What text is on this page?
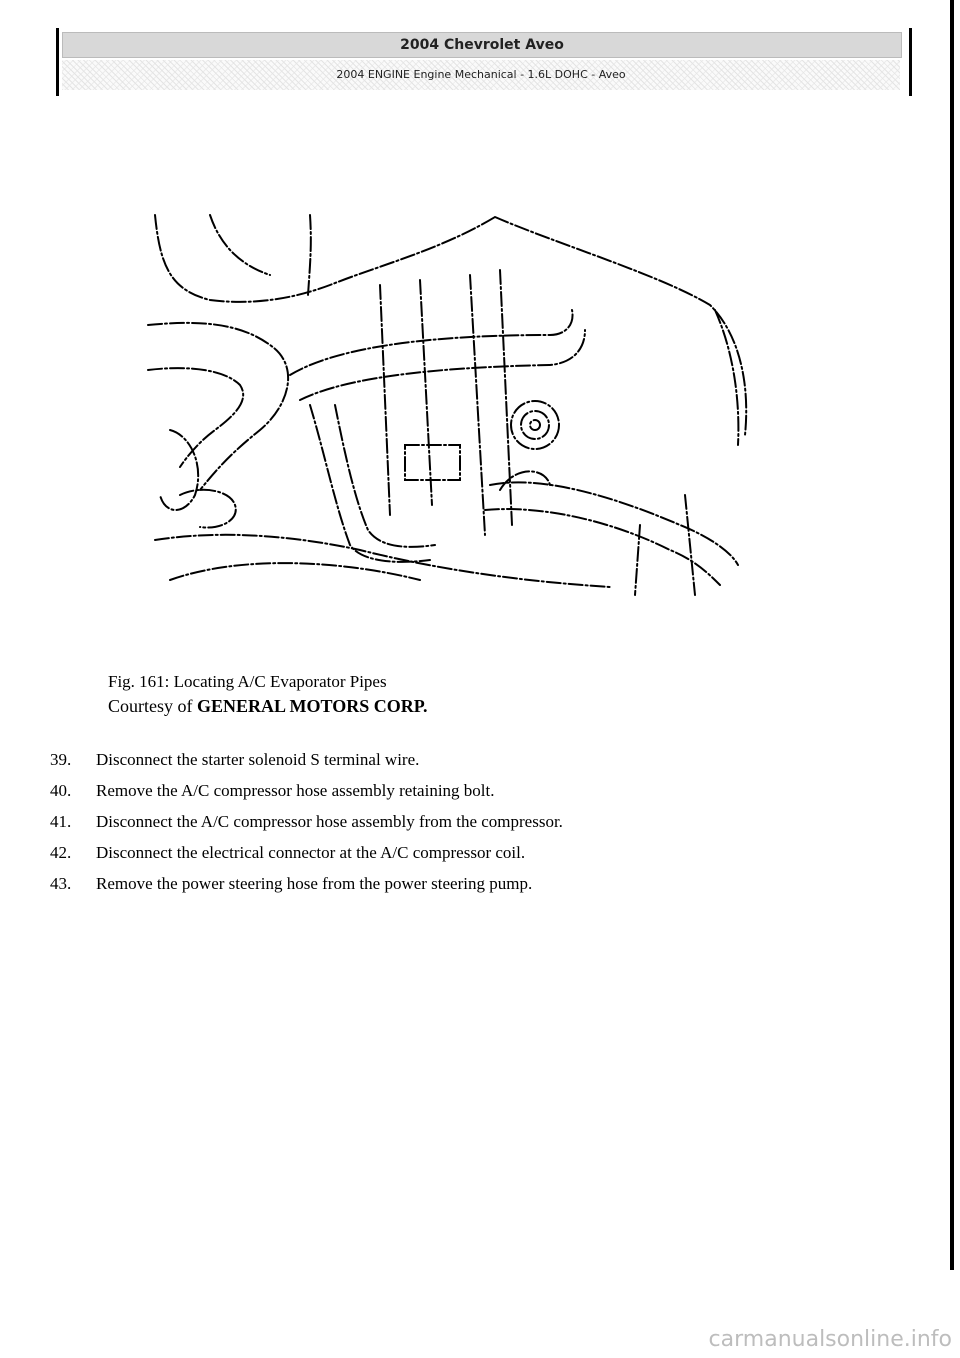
2004 Chevrolet Aveo
2004 ENGINE Engine Mechanical - 1.6L DOHC - Aveo
Fig. 161: Locating A/C Evaporator Pipes
Courtesy of GENERAL MOTORS CORP.
39. Disconnect the starter solenoid S terminal wire.
40. Remove the A/C compressor hose assembly retaining bolt.
41. Disconnect the A/C compressor hose assembly from the compressor.
42. Disconnect the electrical connector at the A/C compressor coil.
43. Remove the power steering hose from the power steering pump.
carmanualsonline.info
